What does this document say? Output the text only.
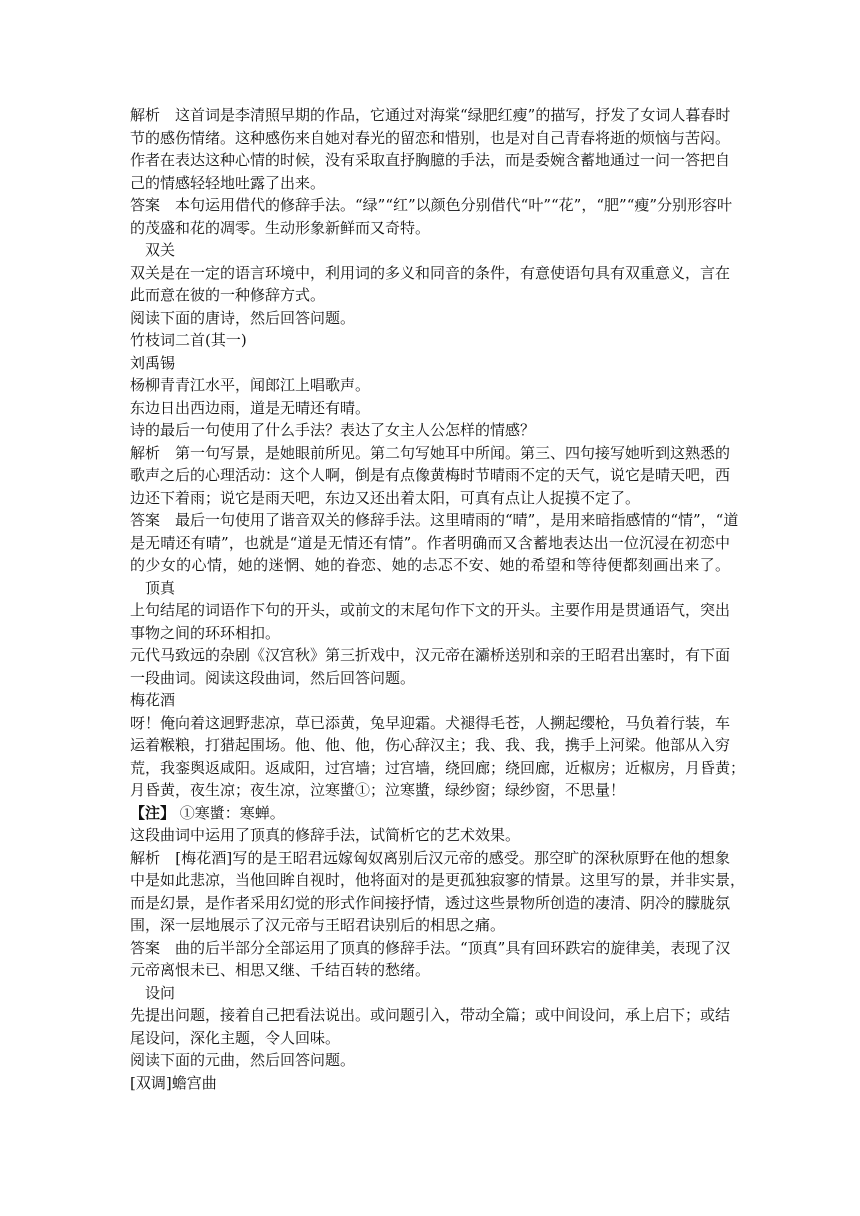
解析　这首词是李清照早期的作品，它通过对海棠“绿肥红瘦”的描写，抒发了女词人暮春时
节的感伤情绪。这种感伤来自她对春光的留恋和惜别，也是对自己青春将逝的烦恼与苦闷。
作者在表达这种心情的时候，没有采取直抒胸臆的手法，而是委婉含蓄地通过一问一答把自
己的情感轻轻地吐露了出来。
答案　本句运用借代的修辞手法。“绿”“红”以颜色分别借代“叶”“花”，“肥”“瘦”分别形容叶
的茂盛和花的凋零。生动形象新鲜而又奇特。
双关
双关是在一定的语言环境中，利用词的多义和同音的条件，有意使语句具有双重意义，言在
此而意在彼的一种修辞方式。
阅读下面的唐诗，然后回答问题。
竹枝词二首(其一)
刘禹锡
杨柳青青江水平，闻郎江上唱歌声。
东边日出西边雨，道是无晴还有晴。
诗的最后一句使用了什么手法？表达了女主人公怎样的情感？
解析　第一句写景，是她眼前所见。第二句写她耳中所闻。第三、四句接写她听到这熟悉的
歌声之后的心理活动：这个人啊，倒是有点像黄梅时节晴雨不定的天气，说它是晴天吧，西
边还下着雨；说它是雨天吧，东边又还出着太阳，可真有点让人捉摸不定了。
答案　最后一句使用了谐音双关的修辞手法。这里晴雨的“晴”，是用来暗指感情的“情”，“道
是无晴还有晴”，也就是“道是无情还有情”。作者明确而又含蓄地表达出一位沉浸在初恋中
的少女的心情，她的迷惘、她的眷恋、她的忐忑不安、她的希望和等待便都刻画出来了。
顶真
上句结尾的词语作下句的开头，或前文的末尾句作下文的开头。主要作用是贯通语气，突出
事物之间的环环相扣。
元代马致远的杂剧《汉宫秋》第三折戏中，汉元帝在灞桥送别和亲的王昭君出塞时，有下面
一段曲词。阅读这段曲词，然后回答问题。
梅花酒
呀！俺向着这迥野悲凉，草已添黄，兔早迎霜。犬褪得毛苍，人搠起缨枪，马负着行装，车
运着糇粮，打猎起围场。他、他、他，伤心辞汉主；我、我、我，携手上河梁。他部从入穷
荒，我銮舆返咸阳。返咸阳，过宫墙；过宫墙，绕回廊；绕回廊，近椒房；近椒房，月昏黄；
月昏黄，夜生凉；夜生凉，泣寒螿①；泣寒螿，绿纱窗；绿纱窗，不思量！
【注】 ①寒螿：寒蝉。
这段曲词中运用了顶真的修辞手法，试简析它的艺术效果。
解析　[梅花酒]写的是王昭君远嫁匈奴离别后汉元帝的感受。那空旷的深秋原野在他的想象
中是如此悲凉，当他回眸自视时，他将面对的是更孤独寂寥的情景。这里写的景，并非实景，
而是幻景，是作者采用幻觉的形式作间接抒情，透过这些景物所创造的凄清、阴冷的朦胧氛
围，深一层地展示了汉元帝与王昭君诀别后的相思之痛。
答案　曲的后半部分全部运用了顶真的修辞手法。“顶真”具有回环跌宕的旋律美，表现了汉
元帝离恨未已、相思又继、千结百转的愁绪。
设问
先提出问题，接着自己把看法说出。或问题引入，带动全篇；或中间设问，承上启下；或结
尾设问，深化主题，令人回味。
阅读下面的元曲，然后回答问题。
[双调]蟾宫曲
